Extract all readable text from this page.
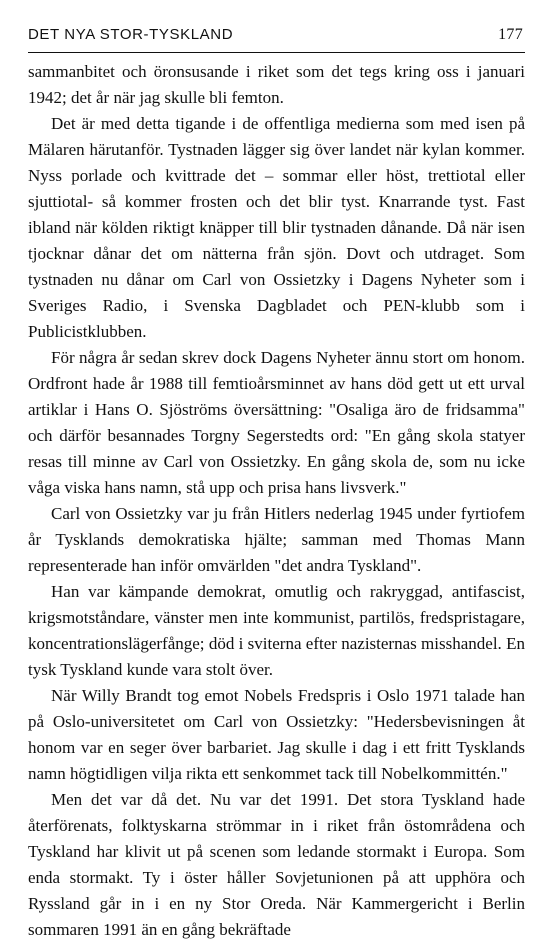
DET NYA STOR-TYSKLAND	177

sammanbitet och öronsusande i riket som det tegs kring oss i januari 1942; det år när jag skulle bli femton.

Det är med detta tigande i de offentliga medierna som med isen på Mälaren härutanför. Tystnaden lägger sig över landet när kylan kommer. Nyss porlade och kvittrade det – sommar eller höst, trettiotal eller sjuttiotal- så kommer frosten och det blir tyst. Knarrande tyst. Fast ibland när kölden riktigt knäpper till blir tystnaden dånande. Då när isen tjocknar dånar det om nätterna från sjön. Dovt och utdraget. Som tystnaden nu dånar om Carl von Ossietzky i Dagens Nyheter som i Sveriges Radio, i Svenska Dagbladet och PEN-klubb som i Publicistklubben.

För några år sedan skrev dock Dagens Nyheter ännu stort om honom. Ordfront hade år 1988 till femtioårsminnet av hans död gett ut ett urval artiklar i Hans O. Sjöströms översättning: "Osaliga äro de fridsamma" och därför besannades Torgny Segerstedts ord: "En gång skola statyer resas till minne av Carl von Ossietzky. En gång skola de, som nu icke våga viska hans namn, stå upp och prisa hans livsverk."

Carl von Ossietzky var ju från Hitlers nederlag 1945 under fyrtiofem år Tysklands demokratiska hjälte; samman med Thomas Mann representerade han inför omvärlden "det andra Tyskland".

Han var kämpande demokrat, omutlig och rakryggad, antifascist, krigsmotståndare, vänster men inte kommunist, partilös, fredspristagare, koncentrationslägerfånge; död i sviterna efter nazisternas misshandel. En tysk Tyskland kunde vara stolt över.

När Willy Brandt tog emot Nobels Fredspris i Oslo 1971 talade han på Oslo-universitetet om Carl von Ossietzky: "Hedersbevisningen åt honom var en seger över barbariet. Jag skulle i dag i ett fritt Tysklands namn högtidligen vilja rikta ett senkommet tack till Nobelkommittén."

Men det var då det. Nu var det 1991. Det stora Tyskland hade återförenats, folktyskarna strömmar in i riket från östområdena och Tyskland har klivit ut på scenen som ledande stormakt i Europa. Som enda stormakt. Ty i öster håller Sovjetunionen på att upphöra och Ryssland går in i en ny Stor Oreda. När Kammergericht i Berlin sommaren 1991 än en gång bekräftade
